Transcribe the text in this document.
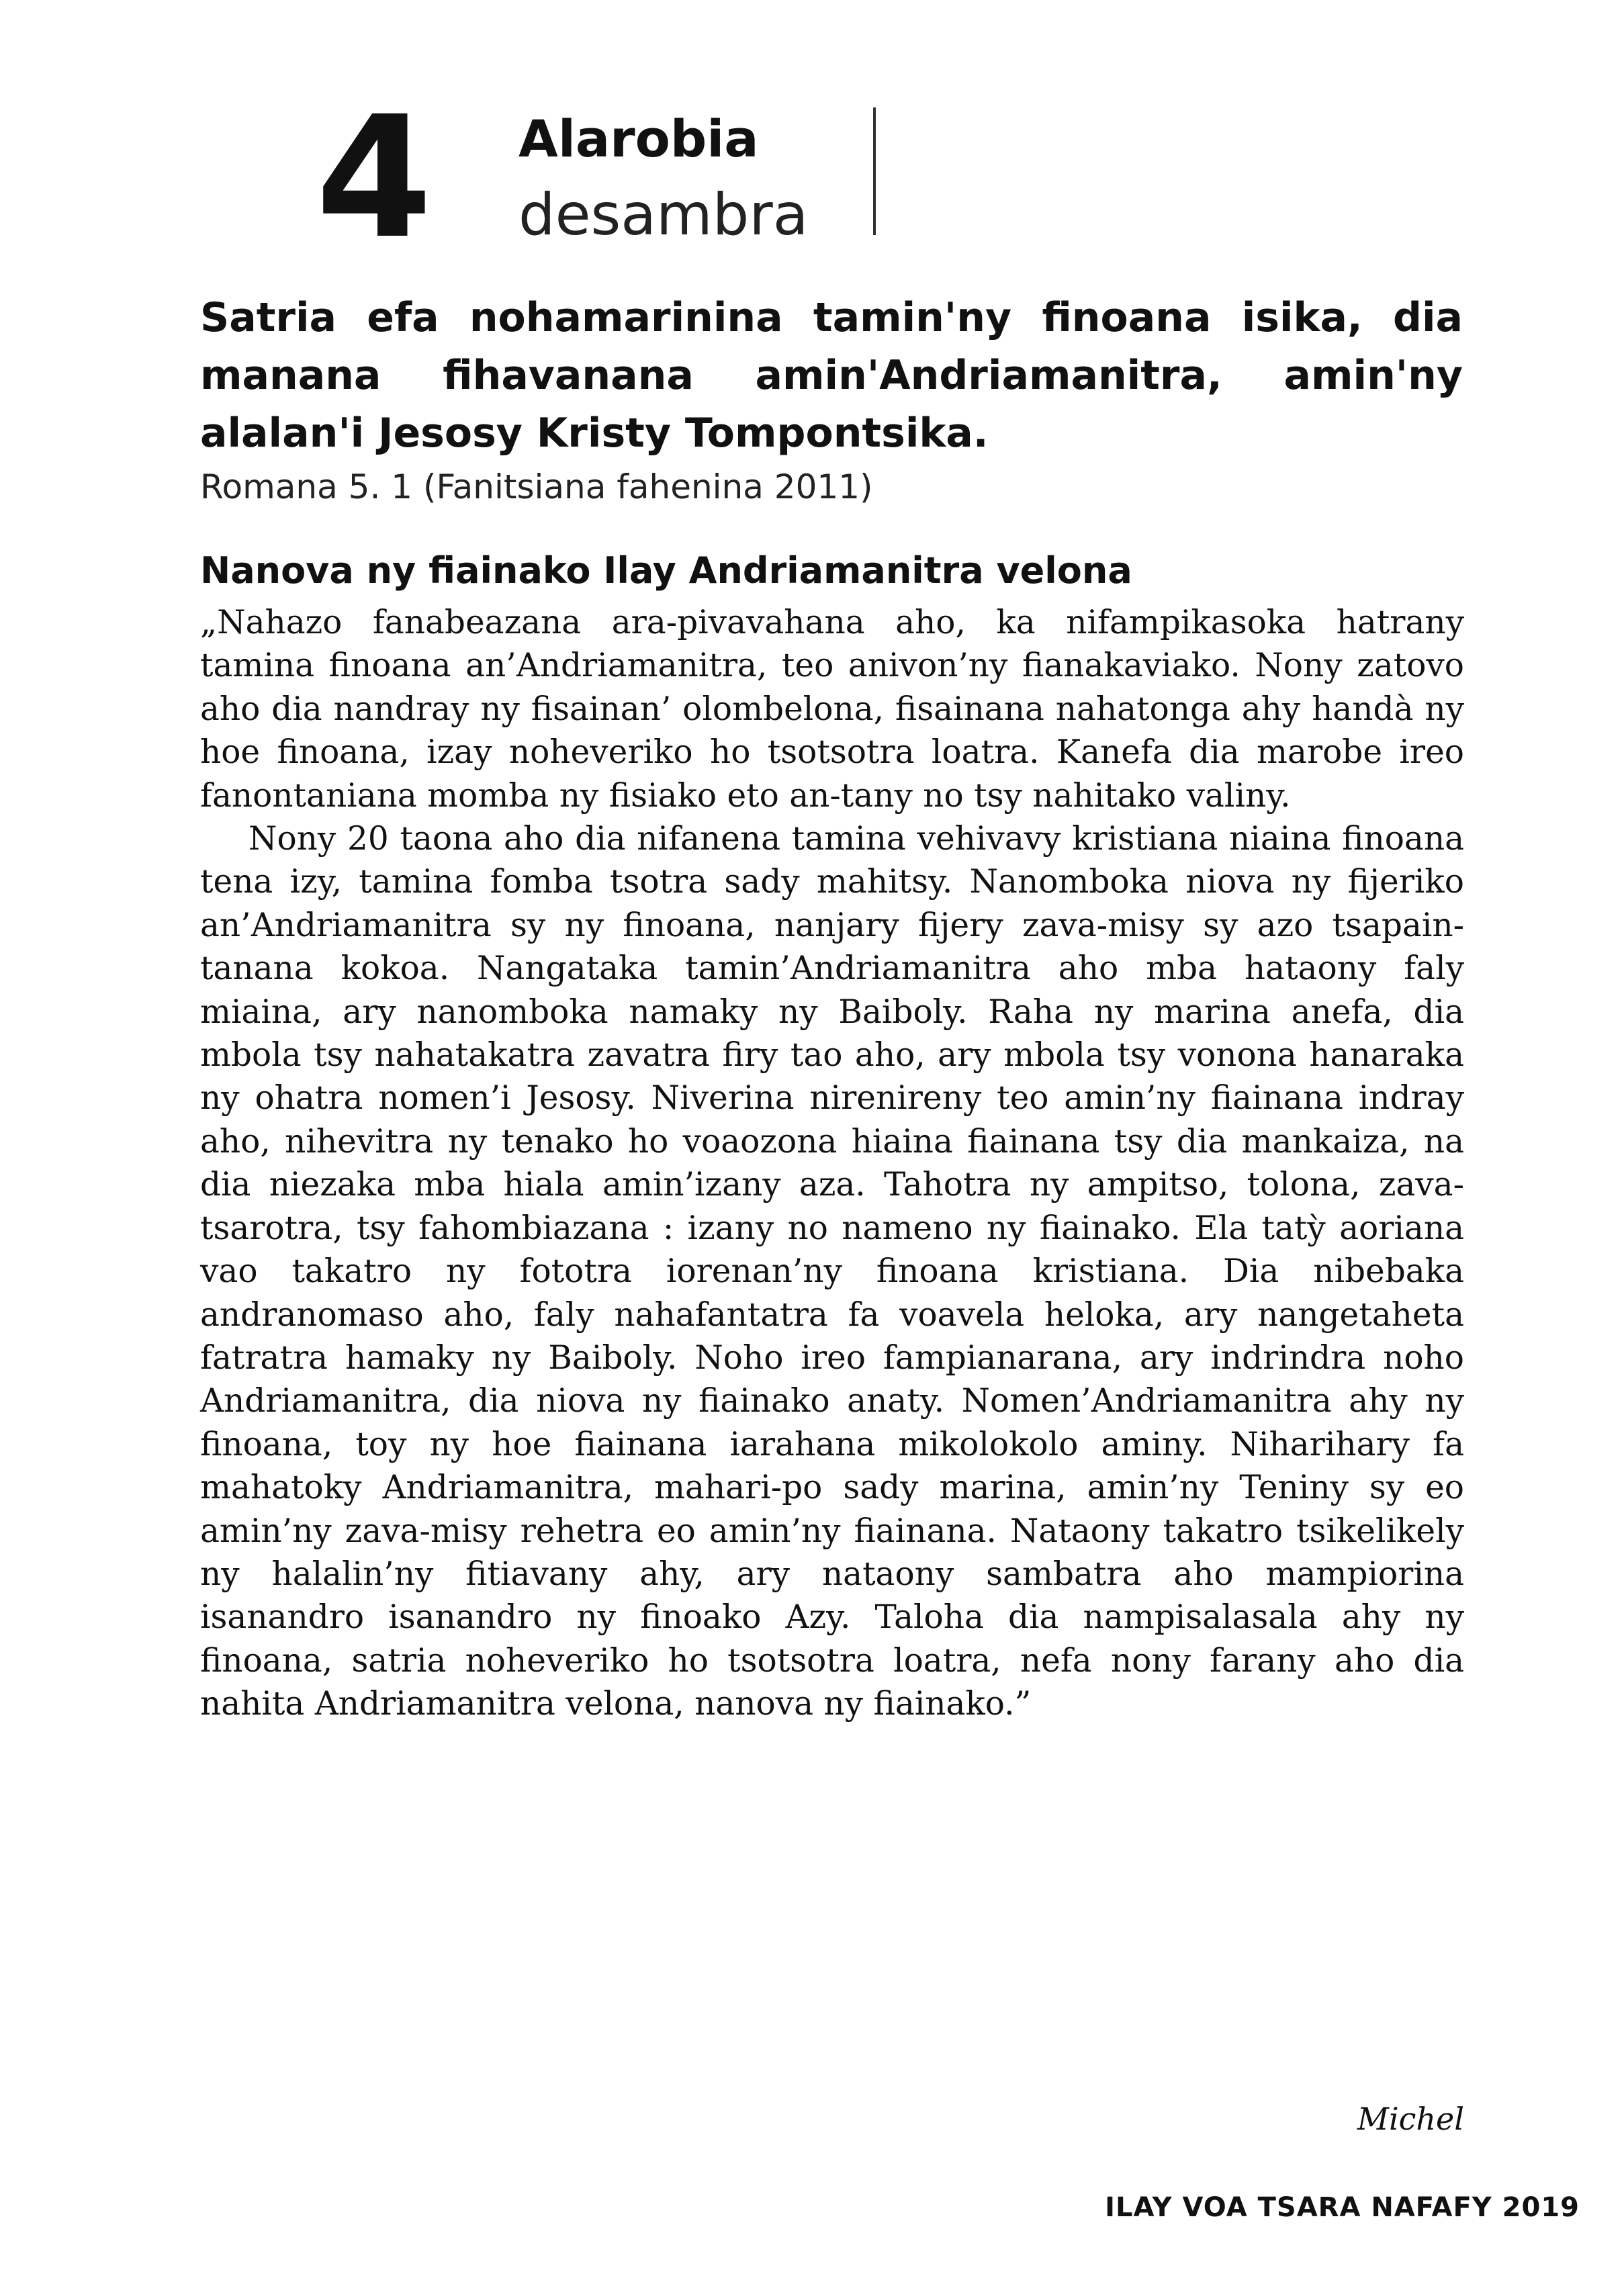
4 Alarobia
desambra
Satria efa nohamarinina tamin'ny finoana isika, dia manana fihavanana amin'Andriamanitra, amin'ny alalan'i Jesosy Kristy Tompontsika.
Romana 5. 1 (Fanitsiana fahenina 2011)
Nanova ny fiainako Ilay Andriamanitra velona

„Nahazo fanabeazana ara-pivavahana aho, ka nifampikasoka hatrany tamina finoana an’Andriamanitra, teo anivon’ny fianakaviako. Nony zatovo aho dia nandray ny fisainan’ olombelona, fisainana nahatonga ahy handà ny hoe finoana, izay noheveriko ho tsotsotra loatra. Kanefa dia marobe ireo fanontaniana momba ny fisiako eto an-tany no tsy nahitako valiny.

Nony 20 taona aho dia nifanena tamina vehivavy kristiana niaina finoana tena izy, tamina fomba tsotra sady mahitsy. Nanomboka niova ny fijeriko an’Andriamanitra sy ny finoana, nanjary fijery zava-misy sy azo tsapain-tanana kokoa. Nangataka tamin’Andriamanitra aho mba hataony faly miaina, ary nanomboka namaky ny Baiboly. Raha ny marina anefa, dia mbola tsy nahatakatra zavatra firy tao aho, ary mbola tsy vonona hanaraka ny ohatra nomen’i Jesosy. Niverina nirenireny teo amin’ny fiainana indray aho, nihevitra ny tenako ho voaozona hiaina fiainana tsy dia mankaiza, na dia niezaka mba hiala amin’izany aza. Tahotra ny ampitso, tolona, zava-tsarotra, tsy fahombiazana : izany no nameno ny fiainako. Ela tatỳ aoriana vao takatro ny fototra iorenan’ny finoana kristiana. Dia nibebaka andranomaso aho, faly nahafantatra fa voavela heloka, ary nangetaheta fatratra hamaky ny Baiboly. Noho ireo fampianarana, ary indrindra noho Andriamanitra, dia niova ny fiainako anaty. Nomen’Andriamanitra ahy ny finoana, toy ny hoe fiainana iarahana mikolokolo aminy. Niharihary fa mahatoky Andriamanitra, mahari-po sady marina, amin’ny Teniny sy eo amin’ny zava-misy rehetra eo amin’ny fiainana. Nataony takatro tsikelikely ny halalin’ny fitiavany ahy, ary nataony sambatra aho mampiorina isanandro isanandro ny finoako Azy. Taloha dia nampisalasala ahy ny finoana, satria noheveriko ho tsotsotra loatra, nefa nony farany aho dia nahita Andriamanitra velona, nanova ny fiainako.”

Michel
ILAY VOA TSARA NAFAFY 2019
